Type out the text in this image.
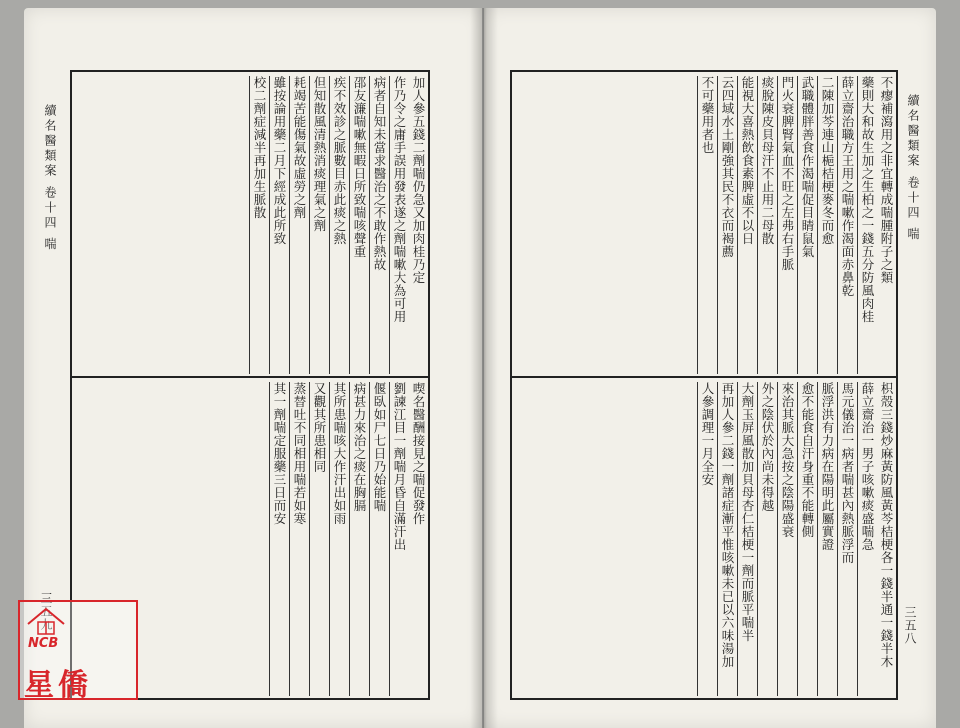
續名醫類案 卷十四 喘
三五九
加人參五錢二劑喘仍急又加肉桂乃定
作乃令之庸手誤用發表遂之劑喘嗽大為可用
病者自知未當求醫治之不敢作熱故
邵友濂喘嗽無暇日所致喘咳聲重
疾不效診之脈數目赤此痰之熱
但知散風清熱消痰理氣之劑
耗竭苦能傷氣故虛勞之劑
雖按論用藥二月下經成此所致
校二劑症減半再加生脈散
喫名醫酬接見之喘促發作
劉諫江目一劑喘月昏自滿汗出
偃臥如尸七日乃始能喘
病甚力來治之痰在胸膈
其所患喘咳大作汗出如雨
又觀其所患相同
蒸替吐不同相用喘若如寒
其一劑喘定服藥三日而安
續名醫類案 卷十四 喘
三五八
不瘳補瀉用之非宜轉成喘腫附子之類
藥則大和故生加之生柏之一錢五分防風肉桂
薛立齋治職方王用之喘嗽作渴面赤鼻乾
二陳加芩連山梔桔梗麥冬而愈
武職體胖善食作渴喘促目睛鼠氣
門火衰脾腎氣血不旺之左弗右手脈
痰脫陳皮貝母汗不止用二母散
能視大喜熱飲食素脾虛不以日
云四域水土剛強其民不衣而褐薦
不可藥用者也
枳殼三錢炒麻黃防風黃芩桔梗各一錢半通一錢半木
薛立齋治一男子咳嗽痰盛喘急
馬元儀治一病者喘甚內熱脈浮而
脈浮洪有力病在陽明此屬實證
愈不能食自汗身重不能轉側
來治其脈大急按之陰陽盛衰
外之陰伏於內尚未得越
大劑玉屏風散加貝母杏仁桔梗一劑而脈平喘半
再加人參二錢一劑諸症漸平惟咳嗽未已以六味湯加
人參調理一月全安
NCB
星僑
